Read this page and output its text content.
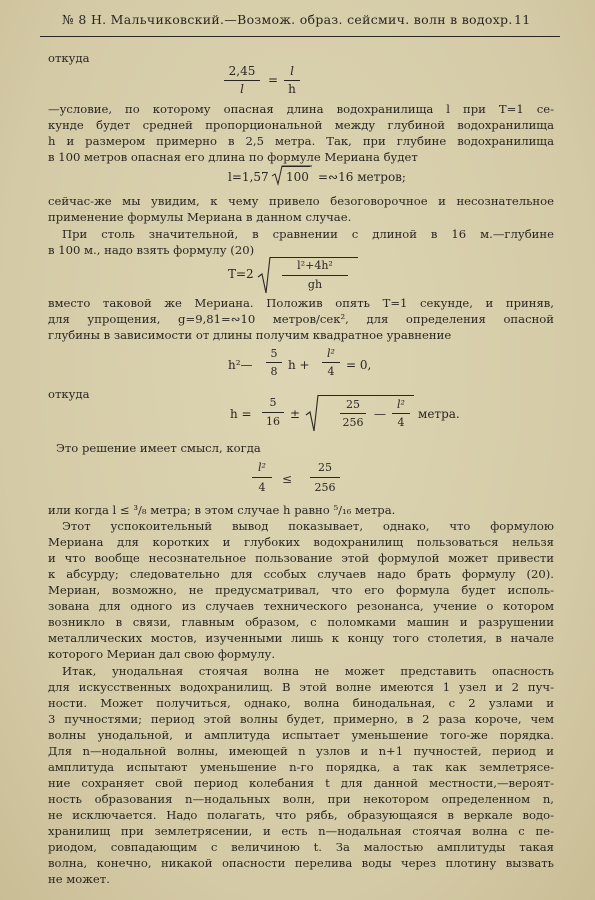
№ 8 Н. Мальчиковский.—Возмож. образ. сейсмич. волн в водохр. 11
откуда
2,45
l
=
l
h
—условие, по которому опасная длина водохранилища l при Т=1 се-
кунде будет средней пропорциональной между глубиной водохранилища
h и размером примерно в 2,5 метра. Так, при глубине водохранилища
в 100 метров опасная его длина по формуле Мериана будет
l=1,57 100 =∾16 метров;
сейчас-же мы увидим, к чему привело безоговорочное и несознательное
применение формулы Мериана в данном случае.
При столь значительной, в сравнении с длиной в 16 м.—глубине
в 100 м., надо взять формулу (20)
T=2
l²+4h²
gh
вместо таковой же Мериана. Положив опять Т=1 секунде, и приняв,
для упрощения, g=9,81=∾10 метров/сек², для определения опасной
глубины в зависимости от длины получим квадратное уравнение
h²—
5
8 h +
l²
4 = 0,
откуда
h =
5
16
±
25
256
—
l²
4
метра.
Это решение имеет смысл, когда
l²
4
≤
25
256
или когда l ≤ ³/₈ метра; в этом случае h равно ⁵/₁₆ метра.
Этот успокоительный вывод показывает, однако, что формулою
Мериана для коротких и глубоких водохранилищ пользоваться нельзя
и что вообще несознательное пользование этой формулой может привести
к абсурду; следовательно для ссобых случаев надо брать формулу (20).
Мериан, возможно, не предусматривал, что его формула будет исполь-
зована для одного из случаев технического резонанса, учение о котором
возникло в связи, главным образом, с поломками машин и разрушении
металлических мостов, изученными лишь к концу того столетия, в начале
которого Мериан дал свою формулу.
Итак, унодальная стоячая волна не может представить опасность
для искусственных водохранилищ. В этой волне имеются 1 узел и 2 пуч-
ности. Может получиться, однако, волна бинодальная, с 2 узлами и
3 пучностями; период этой волны будет, примерно, в 2 раза короче, чем
волны унодальной, и амплитуда испытает уменьшение того-же порядка.
Для n—нодальной волны, имеющей n узлов и n+1 пучностей, период и
амплитуда испытают уменьшение n-го порядка, а так как землетрясе-
ние сохраняет свой период колебания t для данной местности,—вероят-
ность образования n—нодальных волн, при некотором определенном n,
не исключается. Надо полагать, что рябь, образующаяся в веркале водо-
хранилищ при землетрясении, и есть n—нодальная стоячая волна с пе-
риодом, совпадающим с величиною t. За малостью амплитуды такая
волна, конечно, никакой опасности перелива воды через плотину вызвать
не может.
